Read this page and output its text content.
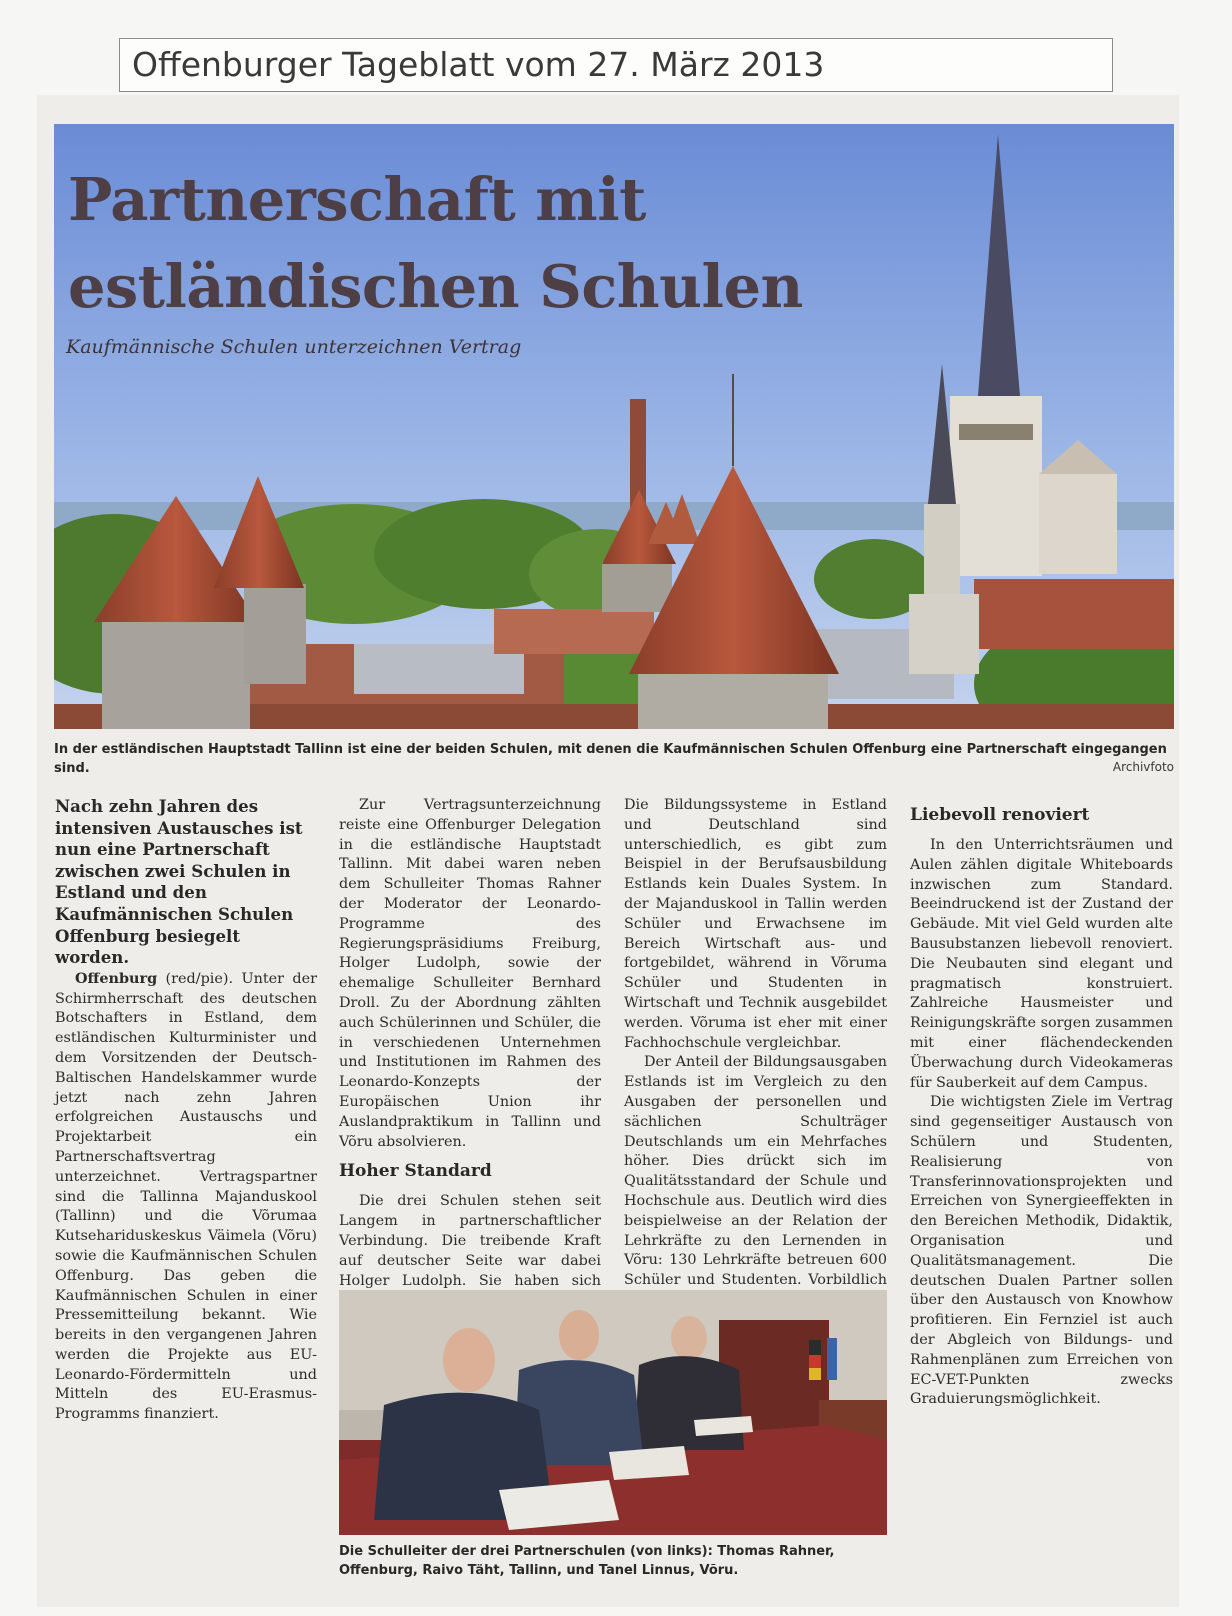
Offenburger Tageblatt vom 27. März 2013
Partnerschaft mit estländischen Schulen
Kaufmännische Schulen unterzeichnen Vertrag
In der estländischen Hauptstadt Tallinn ist eine der beiden Schulen, mit denen die Kaufmännischen Schulen Offenburg eine Partnerschaft eingegangen sind.	Archivfoto

Nach zehn Jahren des intensiven Austausches ist nun eine Partnerschaft zwischen zwei Schulen in Estland und den Kaufmännischen Schulen Offenburg besiegelt worden.

Offenburg (red/pie). Unter der Schirmherrschaft des deutschen Botschafters in Estland, dem estländischen Kulturminister und dem Vorsitzenden der Deutsch-Baltischen Handelskammer wurde jetzt nach zehn Jahren erfolgreichen Austauschs und Projektarbeit ein Partnerschaftsvertrag unterzeichnet. Vertragspartner sind die Tallinna Majanduskool (Tallinn) und die Võrumaa Kutsehariduskeskus Väimela (Võru) sowie die Kaufmännischen Schulen Offenburg. Das geben die Kaufmännischen Schulen in einer Pressemitteilung bekannt. Wie bereits in den vergangenen Jahren werden die Projekte aus EU-Leonardo-Fördermitteln und Mitteln des EU-Erasmus-Programms finanziert.

Zur Vertragsunterzeichnung reiste eine Offenburger Delegation in die estländische Hauptstadt Tallinn. Mit dabei waren neben dem Schulleiter Thomas Rahner der Moderator der Leonardo-Programme des Regierungspräsidiums Freiburg, Holger Ludolph, sowie der ehemalige Schulleiter Bernhard Droll. Zu der Abordnung zählten auch Schülerinnen und Schüler, die in verschiedenen Unternehmen und Institutionen im Rahmen des Leonardo-Konzepts der Europäischen Union ihr Auslandpraktikum in Tallinn und Võru absolvieren.

Hoher Standard

Die drei Schulen stehen seit Langem in partnerschaftlicher Verbindung. Die treibende Kraft auf deutscher Seite war dabei Holger Ludolph. Sie haben sich

Die Bildungssysteme in Estland und Deutschland sind unterschiedlich, es gibt zum Beispiel in der Berufsausbildung Estlands kein Duales System. In der Majanduskool in Tallin werden Schüler und Erwachsene im Bereich Wirtschaft aus- und fortgebildet, während in Võruma Schüler und Studenten in Wirtschaft und Technik ausgebildet werden. Võruma ist eher mit einer Fachhochschule vergleichbar.

Der Anteil der Bildungsausgaben Estlands ist im Vergleich zu den Ausgaben der personellen und sächlichen Schulträger Deutschlands um ein Mehrfaches höher. Dies drückt sich im Qualitätsstandard der Schule und Hochschule aus. Deutlich wird dies beispielweise an der Relation der Lehrkräfte zu den Lernenden in Võru: 130 Lehrkräfte betreuen 600 Schüler und Studenten. Vorbildlich

Liebevoll renoviert

In den Unterrichtsräumen und Aulen zählen digitale Whiteboards inzwischen zum Standard. Beeindruckend ist der Zustand der Gebäude. Mit viel Geld wurden alte Bausubstanzen liebevoll renoviert. Die Neubauten sind elegant und pragmatisch konstruiert. Zahlreiche Hausmeister und Reinigungskräfte sorgen zusammen mit einer flächendeckenden Überwachung durch Videokameras für Sauberkeit auf dem Campus.

Die wichtigsten Ziele im Vertrag sind gegenseitiger Austausch von Schülern und Studenten, Realisierung von Transferinnovationsprojekten und Erreichen von Synergieeffekten in den Bereichen Methodik, Didaktik, Organisation und Qualitätsmanagement. Die deutschen Dualen Partner sollen über den Austausch von Knowhow profitieren. Ein Fernziel ist auch der Abgleich von Bildungs- und Rahmenplänen zum Erreichen von EC-VET-Punkten zwecks Graduierungsmöglichkeit.

Die Schulleiter der drei Partnerschulen (von links): Thomas Rahner, Offenburg, Raivo Täht, Tallinn, und Tanel Linnus, Võru.
